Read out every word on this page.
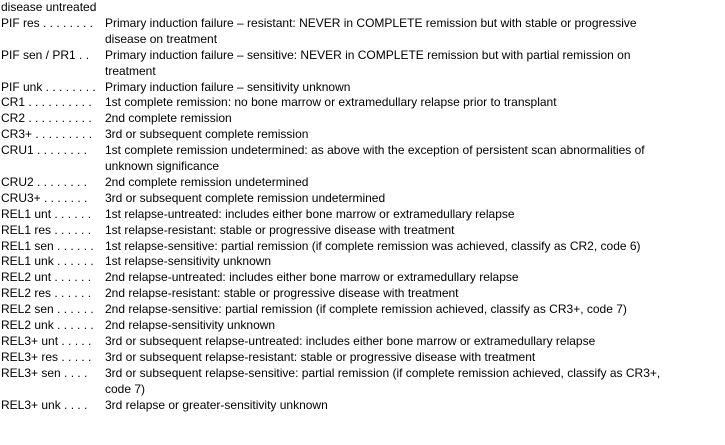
disease untreated
PIF res . . . . . . . . Primary induction failure – resistant: NEVER in COMPLETE remission but with stable or progressive
disease on treatment
PIF sen / PR1 . .	Primary induction failure – sensitive: NEVER in COMPLETE remission but with partial remission on
treatment
PIF unk . . . . . . . . Primary induction failure – sensitivity unknown
CR1 . . . . . . . . . .	1st complete remission: no bone marrow or extramedullary relapse prior to transplant
CR2 . . . . . . . . . .	2nd complete remission
CR3+ . . . . . . . . .	3rd or subsequent complete remission
CRU1 . . . . . . . .	1st complete remission undetermined: as above with the exception of persistent scan abnormalities of
unknown significance
CRU2 . . . . . . . .	2nd complete remission undetermined
CRU3+ . . . . . . .	3rd or subsequent complete remission undetermined
REL1 unt . . . . . .	1st relapse-untreated: includes either bone marrow or extramedullary relapse
REL1 res . . . . . .	1st relapse-resistant: stable or progressive disease with treatment
REL1 sen . . . . . . 1st relapse-sensitive: partial remission (if complete remission was achieved, classify as CR2, code 6)
REL1 unk . . . . . . 1st relapse-sensitivity unknown
REL2 unt . . . . . .	2nd relapse-untreated: includes either bone marrow or extramedullary relapse
REL2 res . . . . . .	2nd relapse-resistant: stable or progressive disease with treatment
REL2 sen . . . . . . 2nd relapse-sensitive: partial remission (if complete remission achieved, classify as CR3+, code 7)
REL2 unk . . . . . . 2nd relapse-sensitivity unknown
REL3+ unt . . . . .	3rd or subsequent relapse-untreated: includes either bone marrow or extramedullary relapse
REL3+ res . . . . .	3rd or subsequent relapse-resistant: stable or progressive disease with treatment
REL3+ sen . . . .	3rd or subsequent relapse-sensitive: partial remission (if complete remission achieved, classify as CR3+,
code 7)
REL3+ unk . . . .	3rd relapse or greater-sensitivity unknown
